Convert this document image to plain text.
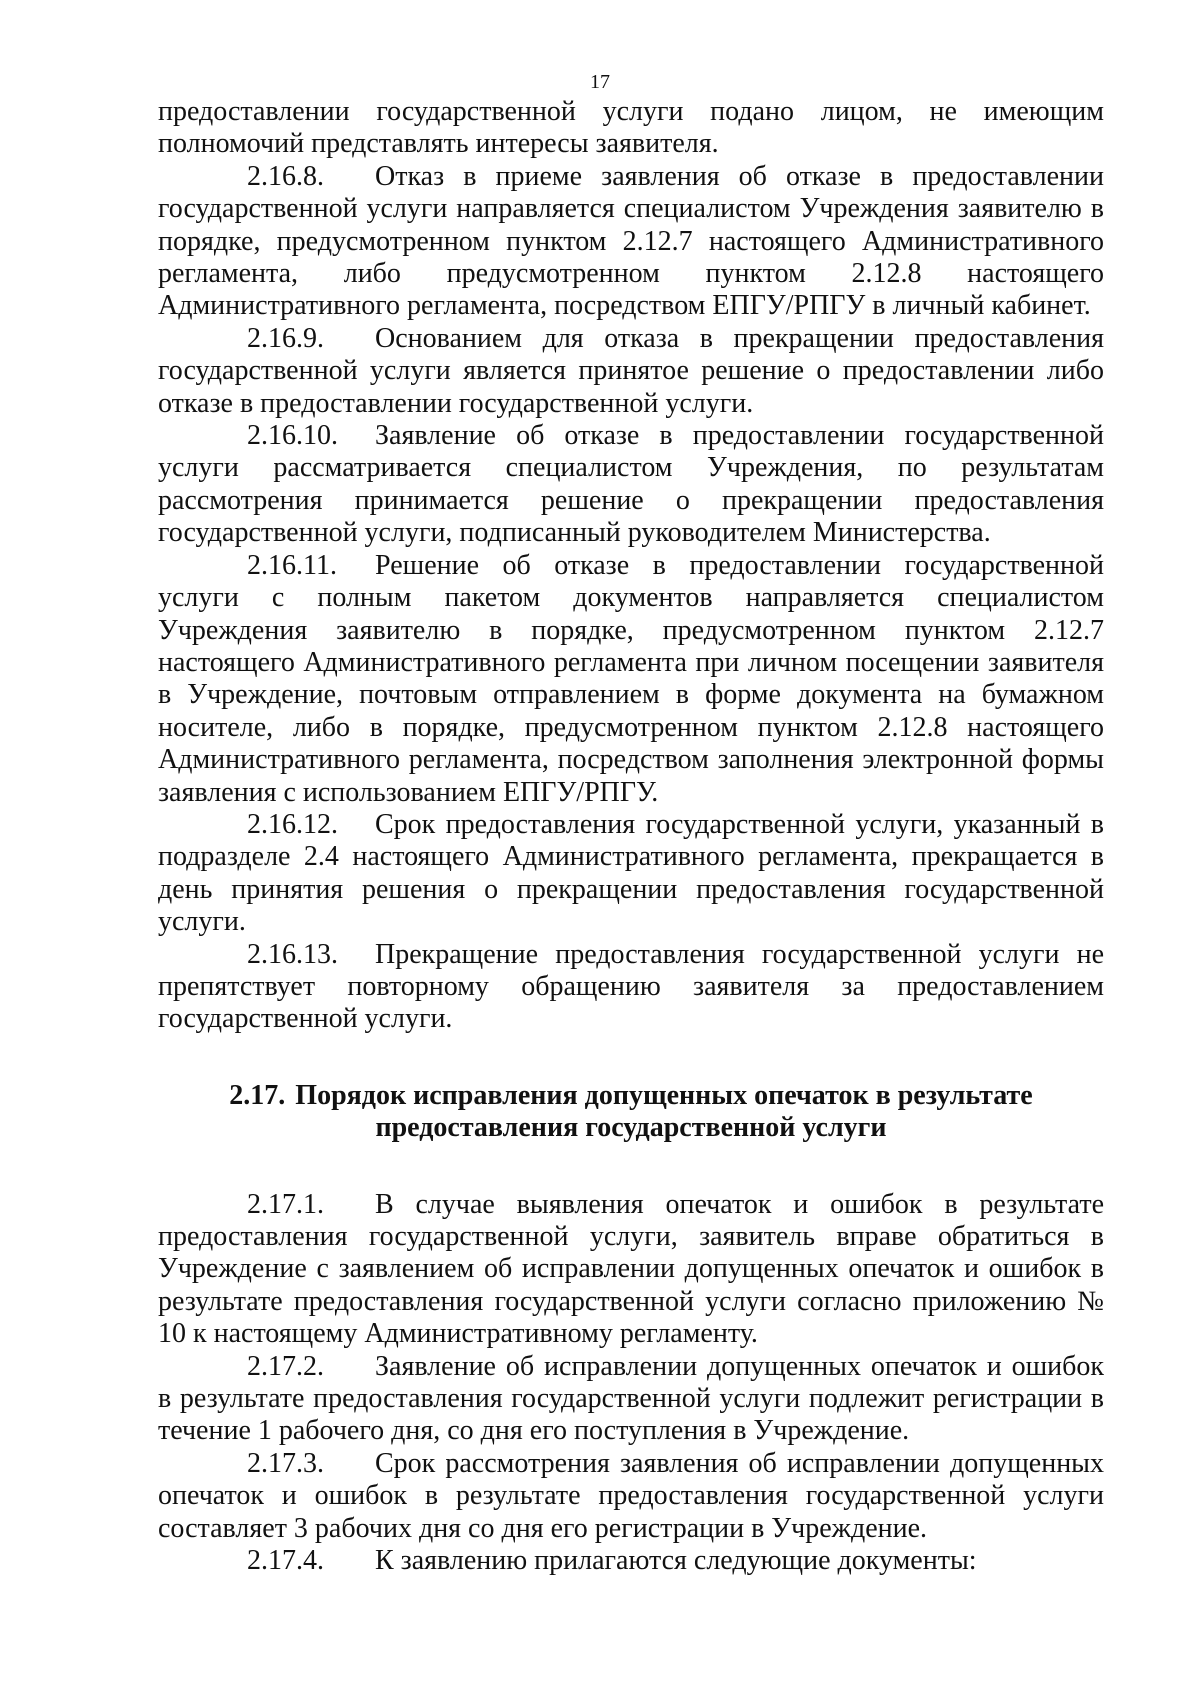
17

предоставлении государственной услуги подано лицом, не имеющим полномочий представлять интересы заявителя.

2.16.8. Отказ в приеме заявления об отказе в предоставлении государственной услуги направляется специалистом Учреждения заявителю в порядке, предусмотренном пунктом 2.12.7 настоящего Административного регламента, либо предусмотренном пунктом 2.12.8 настоящего Административного регламента, посредством ЕПГУ/РПГУ в личный кабинет.

2.16.9. Основанием для отказа в прекращении предоставления государственной услуги является принятое решение о предоставлении либо отказе в предоставлении государственной услуги.

2.16.10. Заявление об отказе в предоставлении государственной услуги рассматривается специалистом Учреждения, по результатам рассмотрения принимается решение о прекращении предоставления государственной услуги, подписанный руководителем Министерства.

2.16.11. Решение об отказе в предоставлении государственной услуги с полным пакетом документов направляется специалистом Учреждения заявителю в порядке, предусмотренном пунктом 2.12.7 настоящего Административного регламента при личном посещении заявителя в Учреждение, почтовым отправлением в форме документа на бумажном носителе, либо в порядке, предусмотренном пунктом 2.12.8 настоящего Административного регламента, посредством заполнения электронной формы заявления с использованием ЕПГУ/РПГУ.

2.16.12. Срок предоставления государственной услуги, указанный в подразделе 2.4 настоящего Административного регламента, прекращается в день принятия решения о прекращении предоставления государственной услуги.

2.16.13. Прекращение предоставления государственной услуги не препятствует повторному обращению заявителя за предоставлением государственной услуги.

2.17. Порядок исправления допущенных опечаток в результате предоставления государственной услуги

2.17.1. В случае выявления опечаток и ошибок в результате предоставления государственной услуги, заявитель вправе обратиться в Учреждение с заявлением об исправлении допущенных опечаток и ошибок в результате предоставления государственной услуги согласно приложению № 10 к настоящему Административному регламенту.

2.17.2. Заявление об исправлении допущенных опечаток и ошибок в результате предоставления государственной услуги подлежит регистрации в течение 1 рабочего дня, со дня его поступления в Учреждение.

2.17.3. Срок рассмотрения заявления об исправлении допущенных опечаток и ошибок в результате предоставления государственной услуги составляет 3 рабочих дня со дня его регистрации в Учреждение.

2.17.4. К заявлению прилагаются следующие документы:
